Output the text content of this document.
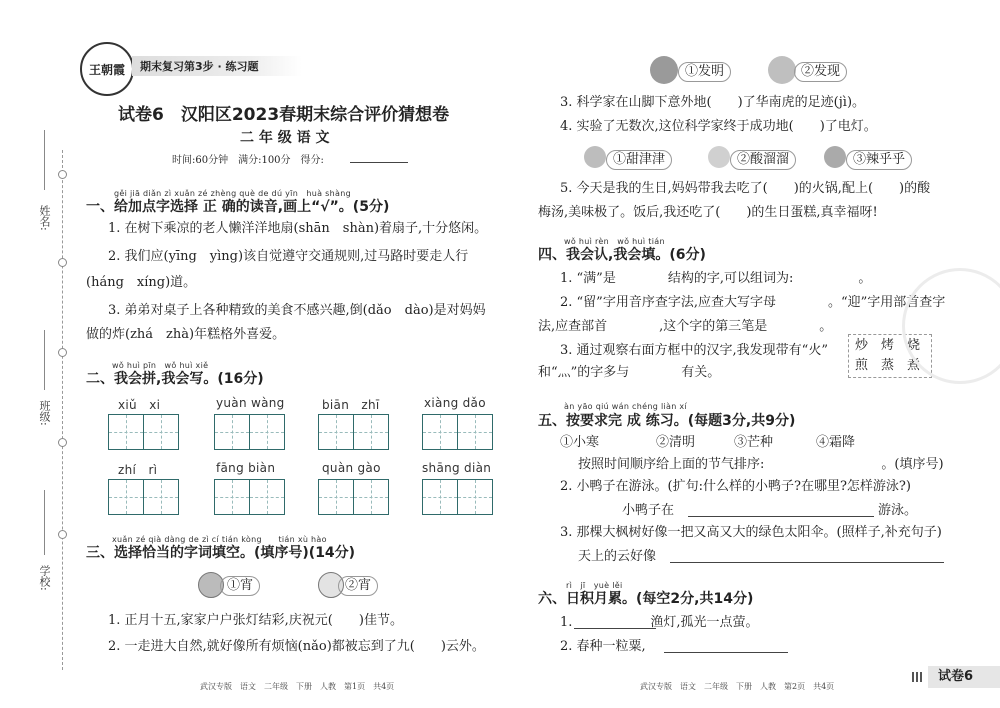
姓名:
班级:
学校:
王朝霞 期末复习第3步 · 练习题
试卷6　汉阳区2023春期末综合评价猜想卷
二 年 级 语 文
时间:60分钟　满分:100分　得分:
gěi jiā diǎn zì xuǎn zé zhèng què de dú yīn　huà shàng
一、给加点字选择 正 确的读音,画上“√”。(5分)
1. 在树下乘凉的老人懒洋洋地扇(shān　shàn)着扇子,十分悠闲。
2. 我们应(yīng　yìng)该自觉遵守交通规则,过马路时要走人行
(háng　xíng)道。
3. 弟弟对桌子上各种精致的美食不感兴趣,倒(dǎo　dào)是对妈妈
做的炸(zhá　zhà)年糕格外喜爱。
wǒ huì pīn　wǒ huì xiě
二、我会拼,我会写。(16分)
xiǔ　xi	yuàn wàng	biān　zhī	xiàng dǎo
zhí　rì	fāng biàn	quàn gào	shāng diàn
xuǎn zé qià dàng de zì cí tián kòng　　tián xù hào
三、选择恰当的字词填空。(填序号)(14分)
①宵	②宵
1. 正月十五,家家户户张灯结彩,庆祝元(　　)佳节。
2. 一走进大自然,就好像所有烦恼(nǎo)都被忘到了九(　　)云外。
武汉专版　语文　二年级　下册　人教　第1页　共4页
①发明	②发现
3. 科学家在山脚下意外地(　　)了华南虎的足迹(jì)。
4. 实验了无数次,这位科学家终于成功地(　　)了电灯。
①甜津津	②酸溜溜	③辣乎乎
5. 今天是我的生日,妈妈带我去吃了(　　)的火锅,配上(　　)的酸
梅汤,美味极了。饭后,我还吃了(　　)的生日蛋糕,真幸福呀!
wǒ huì rèn　wǒ huì tián
四、我会认,我会填。(6分)
1. “满”是　　　　结构的字,可以组词为:　　　　　。
2. “留”字用音序查字法,应查大写字母　　　　。“迎”字用部首查字
法,应查部首　　　　,这个字的第三笔是　　　　。
3. 通过观察右面方框中的汉字,我发现带有“火”
和“灬”的字多与　　　　有关。
炒 烤 烧
煎 蒸 煮
àn yāo qiú wán chéng liàn xí
五、按要求完 成 练习。(每题3分,共9分)
①小寒	②清明	③芒种	④霜降
按照时间顺序给上面的节气排序:　　　　　　　　　。(填序号)
2. 小鸭子在游泳。(扩句:什么样的小鸭子?在哪里?怎样游泳?)
小鸭子在	游泳。
3. 那棵大枫树好像一把又高又大的绿色太阳伞。(照样子,补充句子)
天上的云好像
rì　jī　yuè lěi
六、日积月累。(每空2分,共14分)
1.　　　　　　渔灯,孤光一点萤。
2. 春种一粒粟,
武汉专版　语文　二年级　下册　人教　第2页　共4页
试卷6
